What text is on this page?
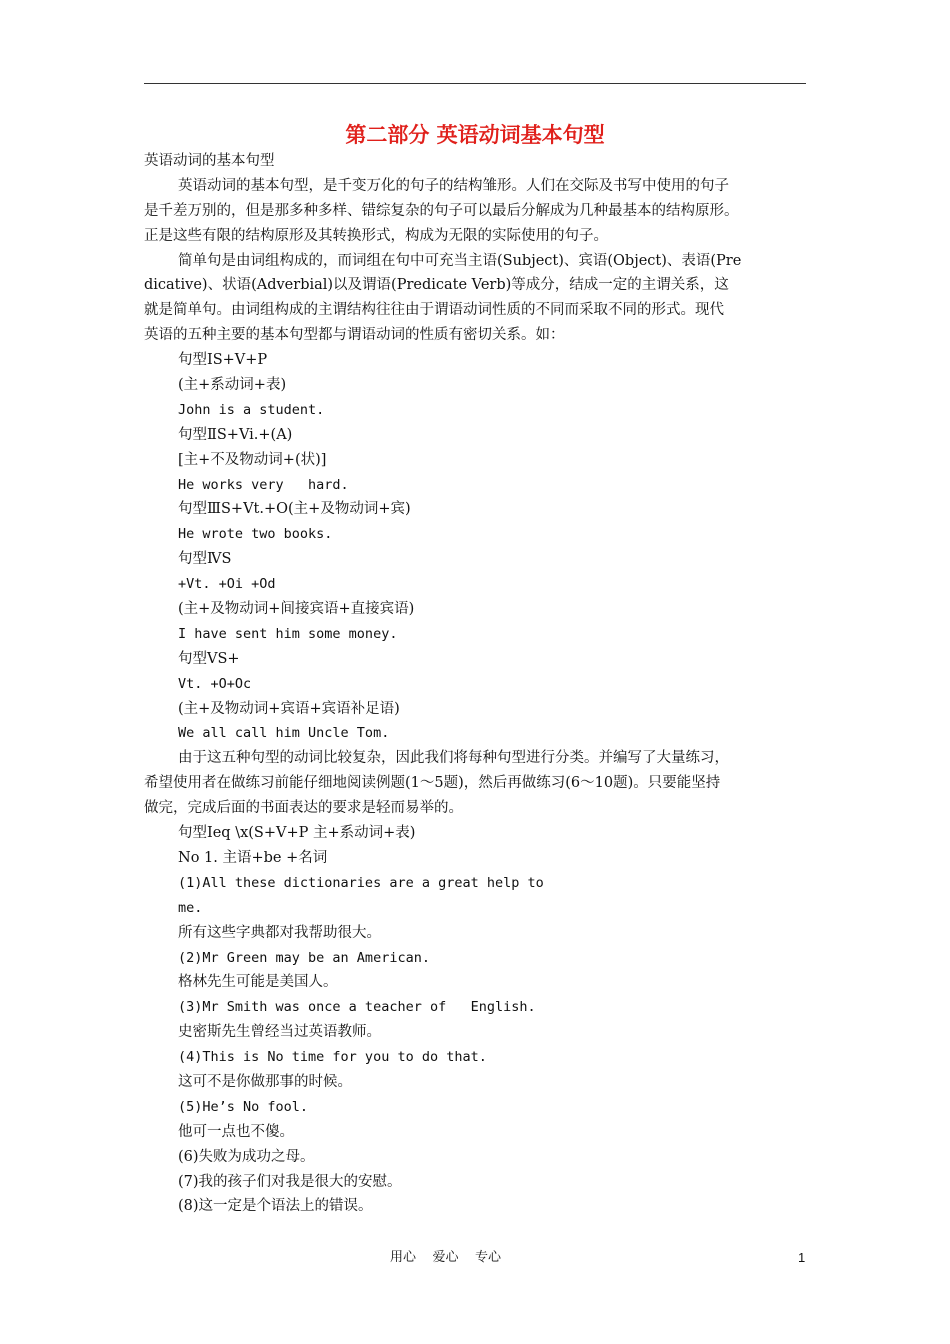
第二部分 英语动词基本句型
英语动词的基本句型
英语动词的基本句型，是千变万化的句子的结构雏形。人们在交际及书写中使用的句子
是千差万别的，但是那多种多样、错综复杂的句子可以最后分解成为几种最基本的结构原形。
正是这些有限的结构原形及其转换形式，构成为无限的实际使用的句子。
简单句是由词组构成的，而词组在句中可充当主语(Subject)、宾语(Object)、表语(Pre
dicative)、状语(Adverbial)以及谓语(Predicate Verb)等成分，结成一定的主谓关系，这
就是简单句。由词组构成的主谓结构往往由于谓语动词性质的不同而采取不同的形式。现代
英语的五种主要的基本句型都与谓语动词的性质有密切关系。如：
句型ⅠS+V+P
(主+系动词+表)
John is a student.
句型ⅡS+Vi.+(A)
[主+不及物动词+(状)]
He works very   hard.
句型ⅢS+Vt.+O(主+及物动词+宾)
He wrote two books.
句型ⅣS
+Vt. +Oi +Od
(主+及物动词+间接宾语+直接宾语)
I have sent him some money.
句型ⅤS+
Vt. +O+Oc
(主+及物动词+宾语+宾语补足语)
We all call him Uncle Tom.
由于这五种句型的动词比较复杂，因此我们将每种句型进行分类。并编写了大量练习，
希望使用者在做练习前能仔细地阅读例题(1～5题)，然后再做练习(6～10题)。只要能坚持
做完，完成后面的书面表达的要求是轻而易举的。
句型Ⅰeq \x(S+V+P 主+系动词+表)
No 1. 主语+be +名词
(1)All these dictionaries are a great help to
me.
所有这些字典都对我帮助很大。
(2)Mr Green may be an American.
格林先生可能是美国人。
(3)Mr Smith was once a teacher of   English.
史密斯先生曾经当过英语教师。
(4)This is No time for you to do that.
这可不是你做那事的时候。
(5)He’s No fool.
他可一点也不傻。
(6)失败为成功之母。
(7)我的孩子们对我是很大的安慰。
(8)这一定是个语法上的错误。
用心    爱心    专心	1
